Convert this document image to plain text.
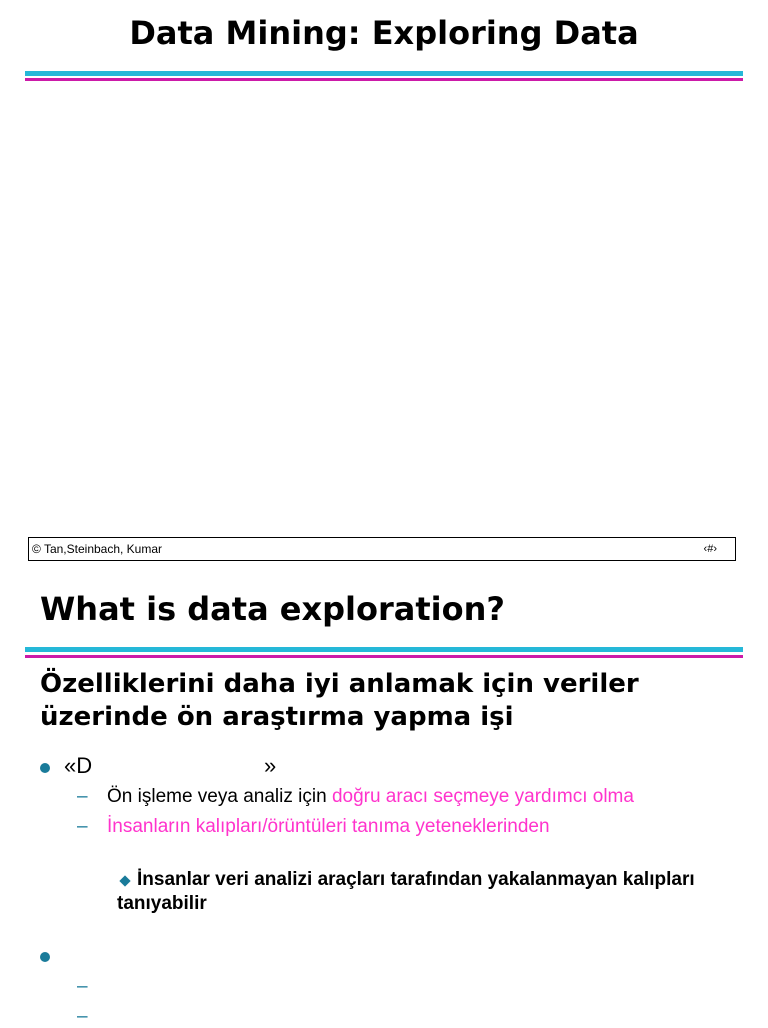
Data Mining: Exploring Data
© Tan,Steinbach, Kumar	‹#›
What is data exploration?
Özelliklerini daha iyi anlamak için veriler üzerinde ön araştırma yapma işi
«D	»
– Ön işleme veya analiz için doğru aracı seçmeye yardımcı olma
– İnsanların kalıpları/örüntüleri tanıma yeteneklerinden
İnsanlar veri analizi araçları tarafından yakalanmayan kalıpları tanıyabilir
–
–
